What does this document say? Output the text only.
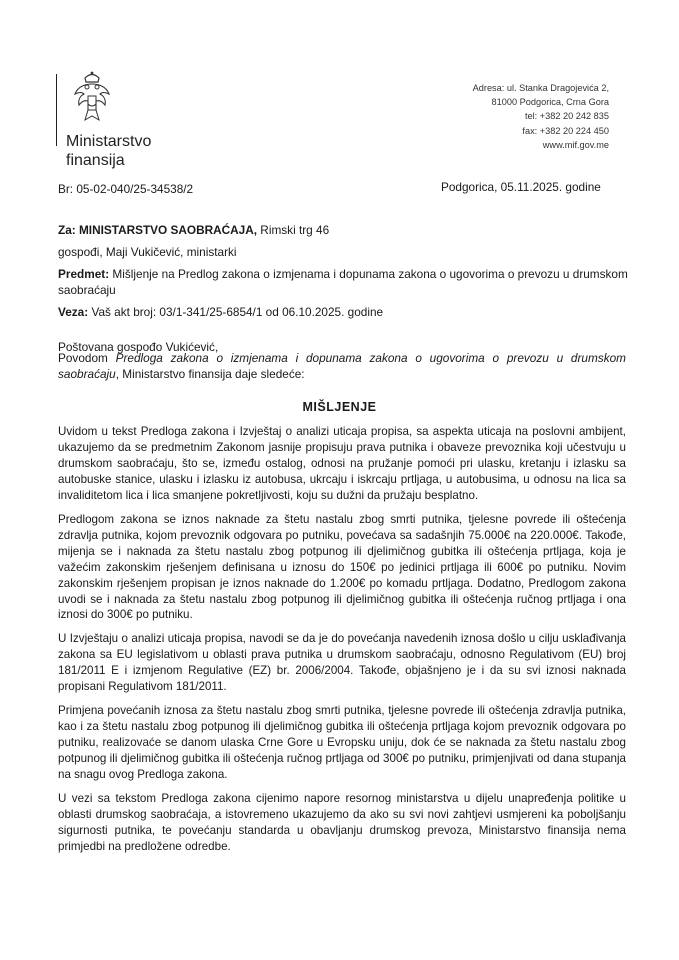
Ministarstvo
finansija
Adresa: ul. Stanka Dragojevića 2,
81000 Podgorica, Crna Gora
tel: +382 20 242 835
fax: +382 20 224 450
www.mif.gov.me
Br: 05-02-040/25-34538/2	Podgorica, 05.11.2025. godine
Za: MINISTARSTVO SAOBRAĆAJA, Rimski trg 46
gospođi, Maji Vukičević, ministarki
Predmet: Mišljenje na Predlog zakona o izmjenama i dopunama zakona o ugovorima o prevozu u drumskom saobraćaju
Veza: Vaš akt broj: 03/1-341/25-6854/1 od 06.10.2025. godine
Poštovana gospođo Vukićević,

Povodom Predloga zakona o izmjenama i dopunama zakona o ugovorima o prevozu u drumskom saobraćaju, Ministarstvo finansija daje sledeće:

MIŠLJENJE

Uvidom u tekst Predloga zakona i Izvještaj o analizi uticaja propisa, sa aspekta uticaja na poslovni ambijent, ukazujemo da se predmetnim Zakonom jasnije propisuju prava putnika i obaveze prevoznika koji učestvuju u drumskom saobraćaju, što se, između ostalog, odnosi na pružanje pomoći pri ulasku, kretanju i izlasku sa autobuske stanice, ulasku i izlasku iz autobusa, ukrcaju i iskrcaju prtljaga, u autobusima, u odnosu na lica sa invaliditetom lica i lica smanjene pokretljivosti, koju su dužni da pružaju besplatno.

Predlogom zakona se iznos naknade za štetu nastalu zbog smrti putnika, tjelesne povrede ili oštećenja zdravlja putnika, kojom prevoznik odgovara po putniku, povećava sa sadašnjih 75.000€ na 220.000€. Takođe, mijenja se i naknada za štetu nastalu zbog potpunog ili djelimičnog gubitka ili oštećenja prtljaga, koja je važećim zakonskim rješenjem definisana u iznosu do 150€ po jedinici prtljaga ili 600€ po putniku. Novim zakonskim rješenjem propisan je iznos naknade do 1.200€ po komadu prtljaga. Dodatno, Predlogom zakona uvodi se i naknada za štetu nastalu zbog potpunog ili djelimičnog gubitka ili oštećenja ručnog prtljaga i ona iznosi do 300€ po putniku.

U Izvještaju o analizi uticaja propisa, navodi se da je do povećanja navedenih iznosa došlo u cilju usklađivanja zakona sa EU legislativom u oblasti prava putnika u drumskom saobraćaju, odnosno Regulativom (EU) broj 181/2011 E i izmjenom Regulative (EZ) br. 2006/2004. Takođe, objašnjeno je i da su svi iznosi naknada propisani Regulativom 181/2011.

Primjena povećanih iznosa za štetu nastalu zbog smrti putnika, tjelesne povrede ili oštećenja zdravlja putnika, kao i za štetu nastalu zbog potpunog ili djelimičnog gubitka ili oštećenja prtljaga kojom prevoznik odgovara po putniku, realizovaće se danom ulaska Crne Gore u Evropsku uniju, dok će se naknada za štetu nastalu zbog potpunog ili djelimičnog gubitka ili oštećenja ručnog prtljaga od 300€ po putniku, primjenjivati od dana stupanja na snagu ovog Predloga zakona.

U vezi sa tekstom Predloga zakona cijenimo napore resornog ministarstva u dijelu unapređenja politike u oblasti drumskog saobraćaja, a istovremeno ukazujemo da ako su svi novi zahtjevi usmjereni ka poboljšanju sigurnosti putnika, te povećanju standarda u obavljanju drumskog prevoza, Ministarstvo finansija nema primjedbi na predložene odredbe.
